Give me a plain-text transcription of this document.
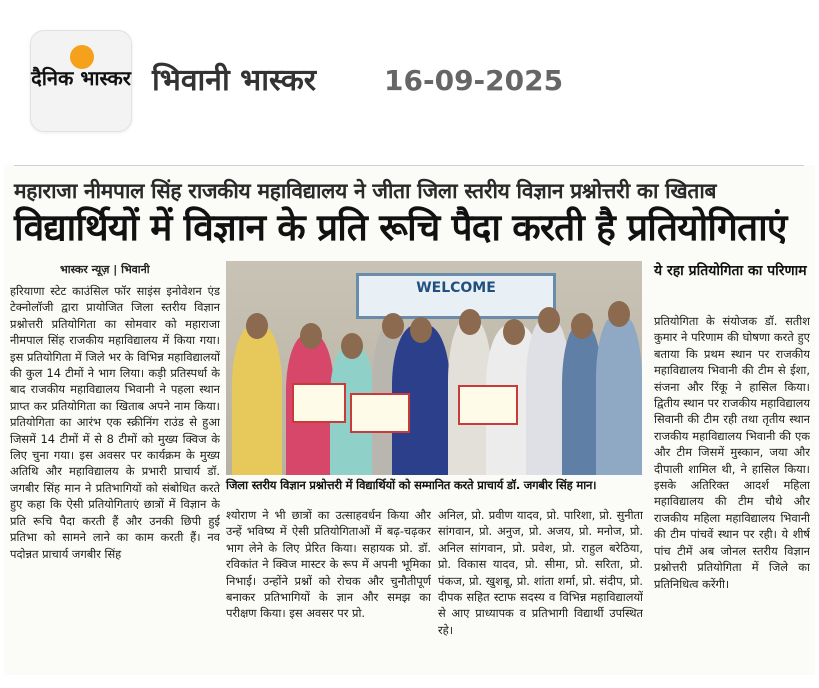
दैनिक भास्कर भिवानी भास्कर 16-09-2025
महाराजा नीमपाल सिंह राजकीय महाविद्यालय ने जीता जिला स्तरीय विज्ञान प्रश्नोत्तरी का खिताब
विद्यार्थियों में विज्ञान के प्रति रूचि पैदा करती है प्रतियोगिताएं
भास्कर न्यूज़ | भिवानी
हरियाणा स्टेट काउंसिल फॉर साइंस इनोवेशन एंड टेक्नोलॉजी द्वारा प्रायोजित जिला स्तरीय विज्ञान प्रश्नोत्तरी प्रतियोगिता का सोमवार को महाराजा नीमपाल सिंह राजकीय महाविद्यालय में किया गया। इस प्रतियोगिता में जिले भर के विभिन्न महाविद्यालयों की कुल 14 टीमों ने भाग लिया। कड़ी प्रतिस्पर्धा के बाद राजकीय महाविद्यालय भिवानी ने पहला स्थान प्राप्त कर प्रतियोगिता का खिताब अपने नाम किया। प्रतियोगिता का आरंभ एक स्क्रीनिंग राउंड से हुआ जिसमें 14 टीमों में से 8 टीमों को मुख्य क्विज के लिए चुना गया। इस अवसर पर कार्यक्रम के मुख्य अतिथि और महाविद्यालय के प्रभारी प्राचार्य डॉ. जगबीर सिंह मान ने प्रतिभागियों को संबोधित करते हुए कहा कि ऐसी प्रतियोगिताएं छात्रों में विज्ञान के प्रति रूचि पैदा करती हैं और उनकी छिपी हुई प्रतिभा को सामने लाने का काम करती हैं। नव पदोन्नत प्राचार्य जगबीर सिंह
WELCOME
जिला स्तरीय विज्ञान प्रश्नोत्तरी में विद्यार्थियों को सम्मानित करते प्राचार्य डॉ. जगबीर सिंह मान।
श्योराण ने भी छात्रों का उत्साहवर्धन किया और उन्हें भविष्य में ऐसी प्रतियोगिताओं में बढ़-चढ़कर भाग लेने के लिए प्रेरित किया। सहायक प्रो. डॉ. रविकांत ने क्विज मास्टर के रूप में अपनी भूमिका निभाई। उन्होंने प्रश्नों को रोचक और चुनौतीपूर्ण बनाकर प्रतिभागियों के ज्ञान और समझ का परीक्षण किया। इस अवसर पर प्रो.
अनिल, प्रो. प्रवीण यादव, प्रो. पारिशा, प्रो. सुनीता सांगवान, प्रो. अनुज, प्रो. अजय, प्रो. मनोज, प्रो. अनिल सांगवान, प्रो. प्रवेश, प्रो. राहुल बरेठिया, प्रो. विकास यादव, प्रो. सीमा, प्रो. सरिता, प्रो. पंकज, प्रो. खुशबू, प्रो. शांता शर्मा, प्रो. संदीप, प्रो. दीपक सहित स्टाफ सदस्य व विभिन्न महाविद्यालयों से आए प्राध्यापक व प्रतिभागी विद्यार्थी उपस्थित रहे।
ये रहा प्रतियोगिता का परिणाम
प्रतियोगिता के संयोजक डॉ. सतीश कुमार ने परिणाम की घोषणा करते हुए बताया कि प्रथम स्थान पर राजकीय महाविद्यालय भिवानी की टीम से ईशा, संजना और रिंकू ने हासिल किया। द्वितीय स्थान पर राजकीय महाविद्यालय सिवानी की टीम रही तथा तृतीय स्थान राजकीय महाविद्यालय भिवानी की एक और टीम जिसमें मुस्कान, जया और दीपाली शामिल थी, ने हासिल किया। इसके अतिरिक्त आदर्श महिला महाविद्यालय की टीम चौथे और राजकीय महिला महाविद्यालय भिवानी की टीम पांचवें स्थान पर रही। ये शीर्ष पांच टीमें अब जोनल स्तरीय विज्ञान प्रश्नोत्तरी प्रतियोगिता में जिले का प्रतिनिधित्व करेंगी।
